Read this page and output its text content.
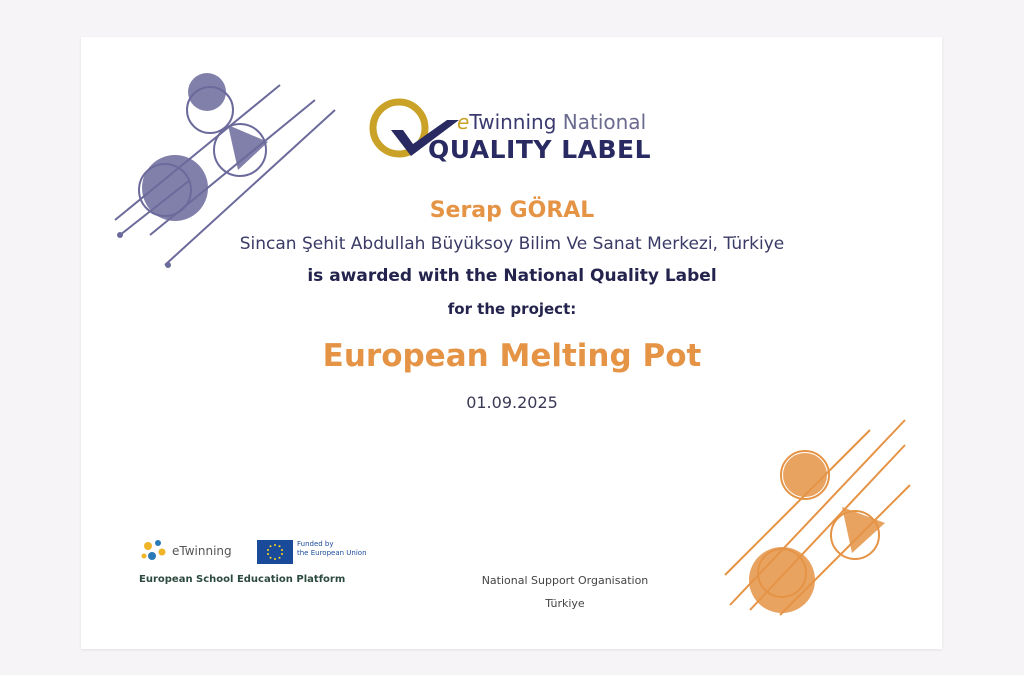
eTwinning National
QUALITY LABEL
Serap GÖRAL
Sincan Şehit Abdullah Büyüksoy Bilim Ve Sanat Merkezi, Türkiye
is awarded with the National Quality Label
for the project:
European Melting Pot
01.09.2025
eTwinning	Funded by
the European Union
European School Education Platform	National Support Organisation
Türkiye
